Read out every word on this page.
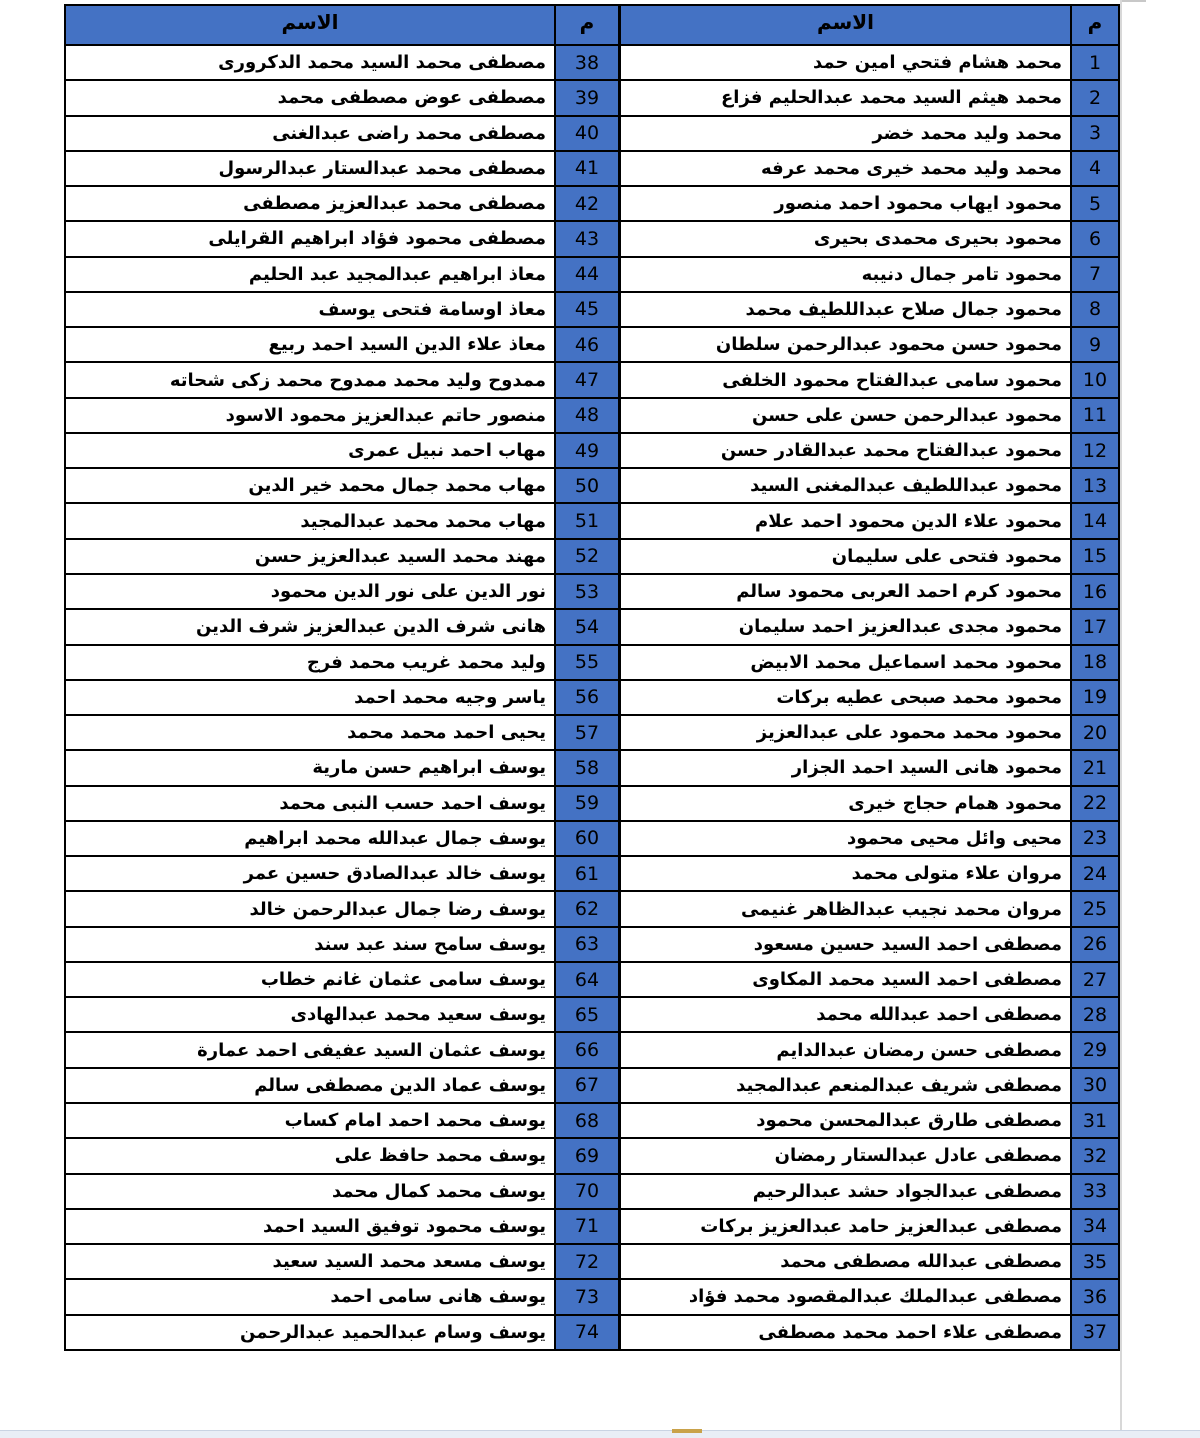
م	الاسم
38	مصطفى محمد السيد محمد الدكرورى
39	مصطفى عوض مصطفى محمد
40	مصطفى محمد راضى عبدالغنى
41	مصطفى محمد عبدالستار عبدالرسول
42	مصطفى محمد عبدالعزيز مصطفى
43	مصطفى محمود فؤاد ابراهيم القرايلى
44	معاذ ابراهيم عبدالمجيد عبد الحليم
45	معاذ اوسامة فتحى يوسف
46	معاذ علاء الدين السيد احمد ربيع
47	ممدوح وليد محمد ممدوح محمد زكى شحاته
48	منصور حاتم عبدالعزيز محمود الاسود
49	مهاب احمد نبيل عمرى
50	مهاب محمد جمال محمد خير الدين
51	مهاب محمد محمد عبدالمجيد
52	مهند محمد السيد عبدالعزيز حسن
53	نور الدين على نور الدين محمود
54	هانى شرف الدين عبدالعزيز شرف الدين
55	وليد محمد غريب محمد فرج
56	ياسر وجيه محمد احمد
57	يحيى احمد محمد محمد
58	يوسف ابراهيم حسن مارية
59	يوسف احمد حسب النبى محمد
60	يوسف جمال عبدالله محمد ابراهيم
61	يوسف خالد عبدالصادق حسين عمر
62	يوسف رضا جمال عبدالرحمن خالد
63	يوسف سامح سند عبد سند
64	يوسف سامى عثمان غانم خطاب
65	يوسف سعيد محمد عبدالهادى
66	يوسف عثمان السيد عفيفى احمد عمارة
67	يوسف عماد الدين مصطفى سالم
68	يوسف محمد احمد امام كساب
69	يوسف محمد حافظ على
70	يوسف محمد كمال محمد
71	يوسف محمود توفيق السيد احمد
72	يوسف مسعد محمد السيد سعيد
73	يوسف هانى سامى احمد
74	يوسف وسام عبدالحميد عبدالرحمن
م	الاسم
1	محمد هشام فتحي امين حمد
2	محمد هيثم السيد محمد عبدالحليم فزاع
3	محمد وليد محمد خضر
4	محمد وليد محمد خيرى محمد عرفه
5	محمود ايهاب محمود احمد منصور
6	محمود بحيرى محمدى بحيرى
7	محمود تامر جمال دنيبه
8	محمود جمال صلاح عبداللطيف محمد
9	محمود حسن محمود عبدالرحمن سلطان
10	محمود سامى عبدالفتاح محمود الخلفى
11	محمود عبدالرحمن حسن على حسن
12	محمود عبدالفتاح محمد عبدالقادر حسن
13	محمود عبداللطيف عبدالمغنى السيد
14	محمود علاء الدين محمود احمد علام
15	محمود فتحى على سليمان
16	محمود كرم احمد العربى محمود سالم
17	محمود مجدى عبدالعزيز احمد سليمان
18	محمود محمد اسماعيل محمد الابيض
19	محمود محمد صبحى عطيه بركات
20	محمود محمد محمود على عبدالعزيز
21	محمود هانى السيد احمد الجزار
22	محمود همام حجاج خيرى
23	محيى وائل محيى محمود
24	مروان علاء متولى محمد
25	مروان محمد نجيب عبدالظاهر غنيمى
26	مصطفى احمد السيد حسين مسعود
27	مصطفى احمد السيد محمد المكاوى
28	مصطفى احمد عبدالله محمد
29	مصطفى حسن رمضان عبدالدايم
30	مصطفى شريف عبدالمنعم عبدالمجيد
31	مصطفى طارق عبدالمحسن محمود
32	مصطفى عادل عبدالستار رمضان
33	مصطفى عبدالجواد حشد عبدالرحيم
34	مصطفى عبدالعزيز حامد عبدالعزيز بركات
35	مصطفى عبدالله مصطفى محمد
36	مصطفى عبدالملك عبدالمقصود محمد فؤاد
37	مصطفى علاء احمد محمد مصطفى
